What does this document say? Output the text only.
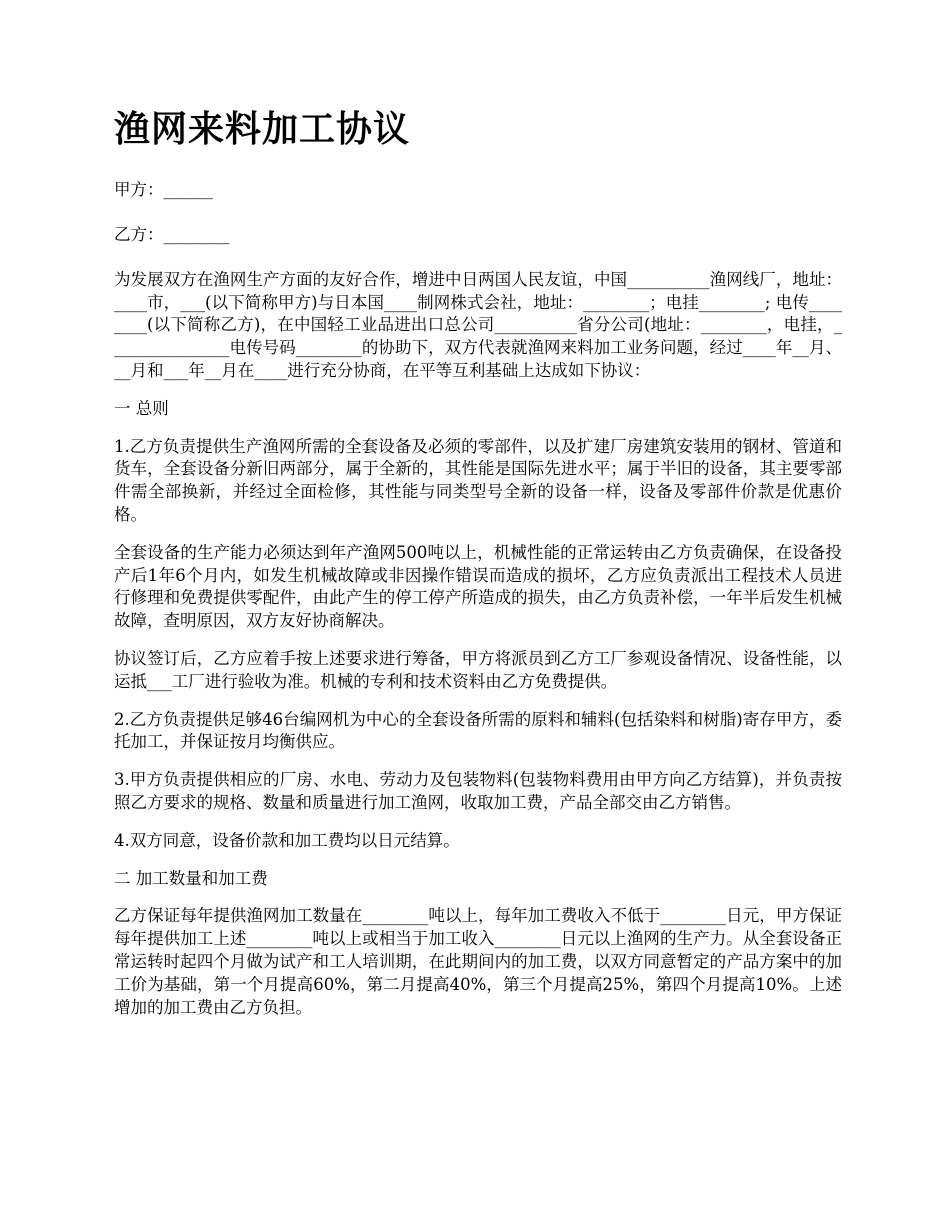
渔网来料加工协议

甲方：______

乙方：________

为发展双方在渔网生产方面的友好合作，增进中日两国人民友谊，中国__________渔网线厂，地址：____市，___(以下简称甲方)与日本国____制网株式会社，地址：________；电挂________; 电传________(以下简称乙方)，在中国轻工业品进出口总公司__________省分公司(地址：________，电挂，_______________电传号码________的协助下，双方代表就渔网来料加工业务问题，经过____年__月、__月和___年__月在____进行充分协商，在平等互利基础上达成如下协议：

一 总则

1.乙方负责提供生产渔网所需的全套设备及必须的零部件，以及扩建厂房建筑安装用的钢材、管道和货车，全套设备分新旧两部分，属于全新的，其性能是国际先进水平；属于半旧的设备，其主要零部件需全部换新，并经过全面检修，其性能与同类型号全新的设备一样，设备及零部件价款是优惠价格。

全套设备的生产能力必须达到年产渔网500吨以上，机械性能的正常运转由乙方负责确保，在设备投产后1年6个月内，如发生机械故障或非因操作错误而造成的损坏，乙方应负责派出工程技术人员进行修理和免费提供零配件，由此产生的停工停产所造成的损失，由乙方负责补偿，一年半后发生机械故障，查明原因，双方友好协商解决。

协议签订后，乙方应着手按上述要求进行筹备，甲方将派员到乙方工厂参观设备情况、设备性能，以运抵___工厂进行验收为准。机械的专利和技术资料由乙方免费提供。

2.乙方负责提供足够46台编网机为中心的全套设备所需的原料和辅料(包括染料和树脂)寄存甲方，委托加工，并保证按月均衡供应。

3.甲方负责提供相应的厂房、水电、劳动力及包装物料(包装物料费用由甲方向乙方结算)，并负责按照乙方要求的规格、数量和质量进行加工渔网，收取加工费，产品全部交由乙方销售。

4.双方同意，设备价款和加工费均以日元结算。

二 加工数量和加工费

乙方保证每年提供渔网加工数量在________吨以上，每年加工费收入不低于________日元，甲方保证每年提供加工上述________吨以上或相当于加工收入________日元以上渔网的生产力。从全套设备正常运转时起四个月做为试产和工人培训期，在此期间内的加工费，以双方同意暂定的产品方案中的加工价为基础，第一个月提高60%，第二月提高40%，第三个月提高25%，第四个月提高10%。上述增加的加工费由乙方负担。
